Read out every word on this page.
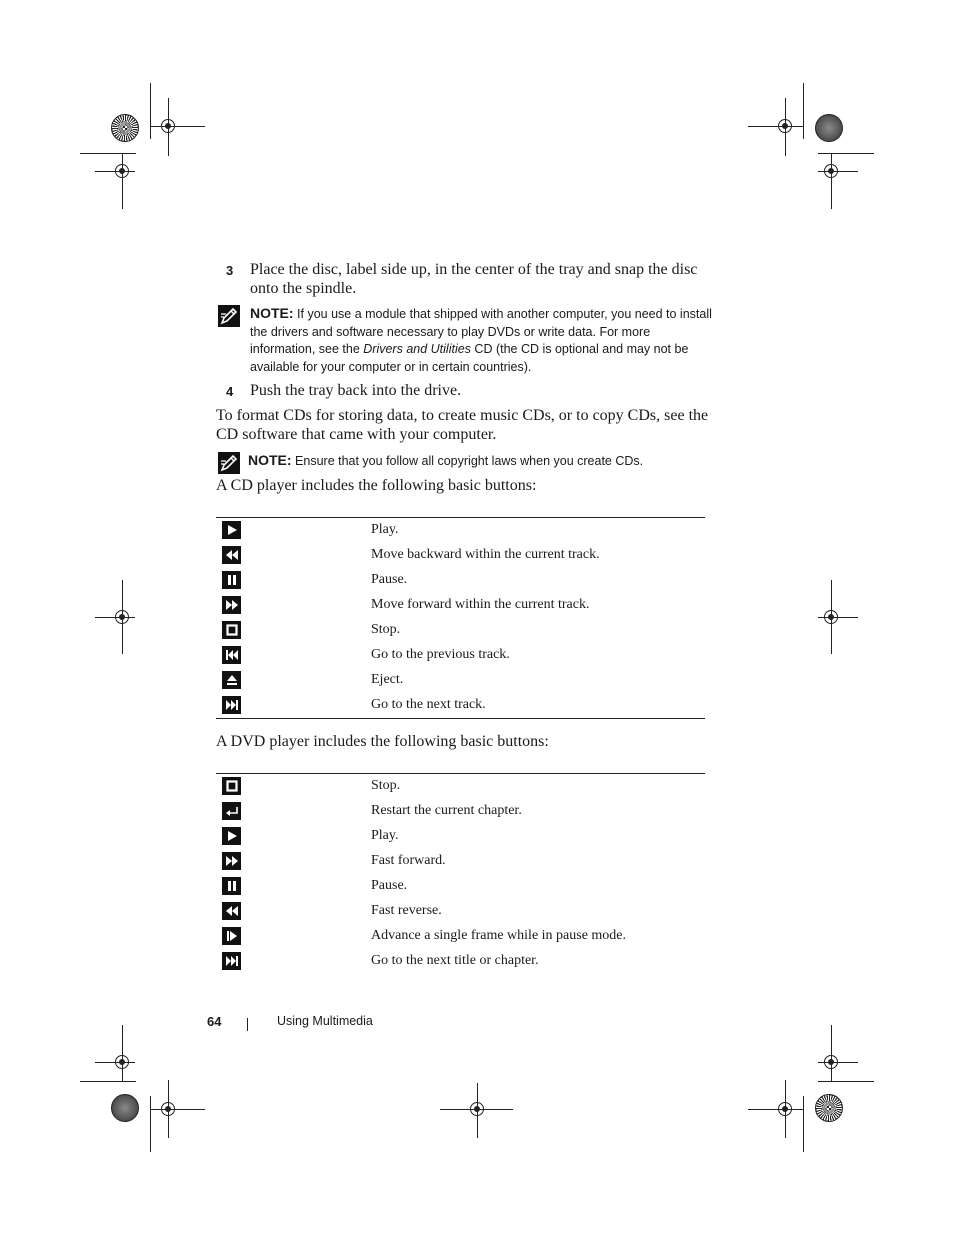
3 Place the disc, label side up, in the center of the tray and snap the disc onto the spindle.
NOTE: If you use a module that shipped with another computer, you need to install the drivers and software necessary to play DVDs or write data. For more information, see the Drivers and Utilities CD (the CD is optional and may not be available for your computer or in certain countries).
4 Push the tray back into the drive.
To format CDs for storing data, to create music CDs, or to copy CDs, see the CD software that came with your computer.
NOTE: Ensure that you follow all copyright laws when you create CDs.
A CD player includes the following basic buttons:
Play.
Move backward within the current track.
Pause.
Move forward within the current track.
Stop.
Go to the previous track.
Eject.
Go to the next track.
A DVD player includes the following basic buttons:
Stop.
Restart the current chapter.
Play.
Fast forward.
Pause.
Fast reverse.
Advance a single frame while in pause mode.
Go to the next title or chapter.
64	Using Multimedia
